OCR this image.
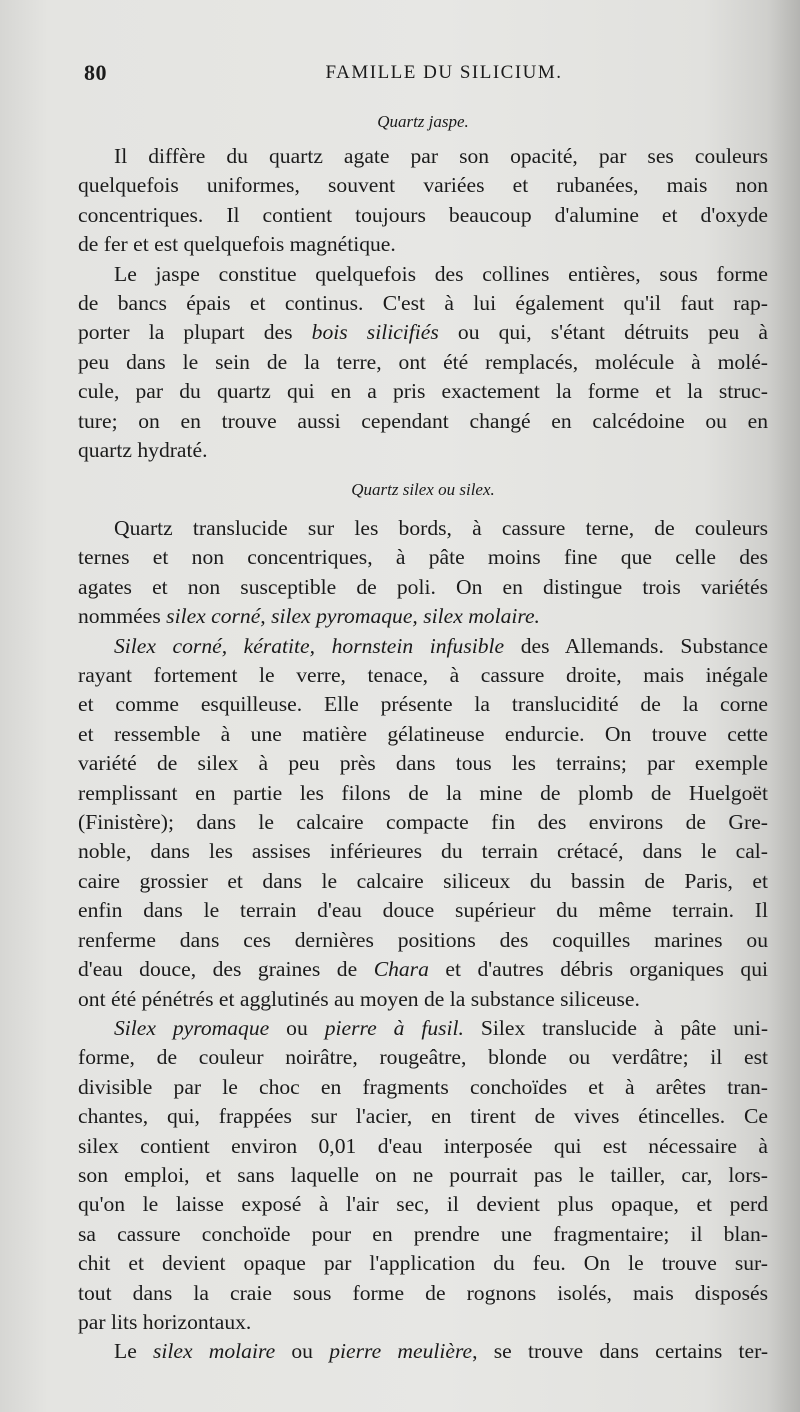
80	FAMILLE DU SILICIUM.
Quartz jaspe.

Il diffère du quartz agate par son opacité, par ses couleurs
quelquefois uniformes, souvent variées et rubanées, mais non
concentriques. Il contient toujours beaucoup d'alumine et d'oxyde
de fer et est quelquefois magnétique.

Le jaspe constitue quelquefois des collines entières, sous forme
de bancs épais et continus. C'est à lui également qu'il faut rap-
porter la plupart des bois silicifiés ou qui, s'étant détruits peu à
peu dans le sein de la terre, ont été remplacés, molécule à molé-
cule, par du quartz qui en a pris exactement la forme et la struc-
ture; on en trouve aussi cependant changé en calcédoine ou en
quartz hydraté.

Quartz silex ou silex.

Quartz translucide sur les bords, à cassure terne, de couleurs
ternes et non concentriques, à pâte moins fine que celle des
agates et non susceptible de poli. On en distingue trois variétés
nommées silex corné, silex pyromaque, silex molaire.

Silex corné, kératite, hornstein infusible des Allemands. Substance
rayant fortement le verre, tenace, à cassure droite, mais inégale
et comme esquilleuse. Elle présente la translucidité de la corne
et ressemble à une matière gélatineuse endurcie. On trouve cette
variété de silex à peu près dans tous les terrains; par exemple
remplissant en partie les filons de la mine de plomb de Huelgoët
(Finistère); dans le calcaire compacte fin des environs de Gre-
noble, dans les assises inférieures du terrain crétacé, dans le cal-
caire grossier et dans le calcaire siliceux du bassin de Paris, et
enfin dans le terrain d'eau douce supérieur du même terrain. Il
renferme dans ces dernières positions des coquilles marines ou
d'eau douce, des graines de Chara et d'autres débris organiques qui
ont été pénétrés et agglutinés au moyen de la substance siliceuse.

Silex pyromaque ou pierre à fusil. Silex translucide à pâte uni-
forme, de couleur noirâtre, rougeâtre, blonde ou verdâtre; il est
divisible par le choc en fragments conchoïdes et à arêtes tran-
chantes, qui, frappées sur l'acier, en tirent de vives étincelles. Ce
silex contient environ 0,01 d'eau interposée qui est nécessaire à
son emploi, et sans laquelle on ne pourrait pas le tailler, car, lors-
qu'on le laisse exposé à l'air sec, il devient plus opaque, et perd
sa cassure conchoïde pour en prendre une fragmentaire; il blan-
chit et devient opaque par l'application du feu. On le trouve sur-
tout dans la craie sous forme de rognons isolés, mais disposés
par lits horizontaux.

Le silex molaire ou pierre meulière, se trouve dans certains ter-
